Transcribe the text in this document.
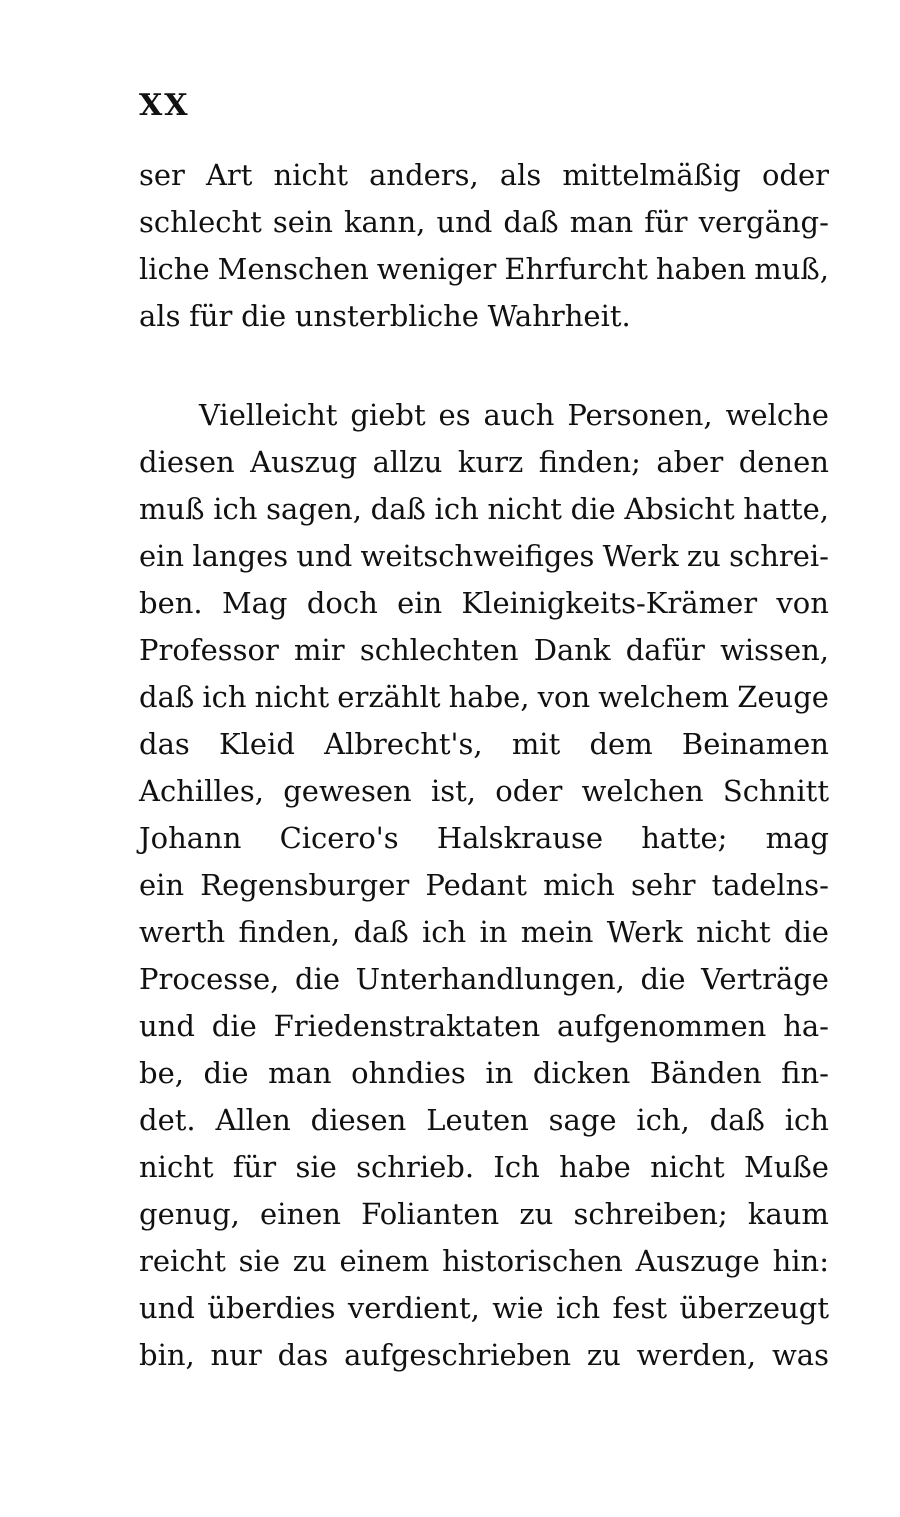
XX
ser Art nicht anders, als mittelmäßig oder
schlecht sein kann, und daß man für vergäng-
liche Menschen weniger Ehrfurcht haben muß,
als für die unsterbliche Wahrheit.
Vielleicht giebt es auch Personen, welche
diesen Auszug allzu kurz finden; aber denen
muß ich sagen, daß ich nicht die Absicht hatte,
ein langes und weitschweifiges Werk zu schrei-
ben. Mag doch ein Kleinigkeits-Krämer von
Professor mir schlechten Dank dafür wissen,
daß ich nicht erzählt habe, von welchem Zeuge
das Kleid Albrecht's, mit dem Beinamen
Achilles, gewesen ist, oder welchen Schnitt
Johann Cicero's Halskrause hatte; mag
ein Regensburger Pedant mich sehr tadelns-
werth finden, daß ich in mein Werk nicht die
Processe, die Unterhandlungen, die Verträge
und die Friedenstraktaten aufgenommen ha-
be, die man ohndies in dicken Bänden fin-
det. Allen diesen Leuten sage ich, daß ich
nicht für sie schrieb. Ich habe nicht Muße
genug, einen Folianten zu schreiben; kaum
reicht sie zu einem historischen Auszuge hin:
und überdies verdient, wie ich fest überzeugt
bin, nur das aufgeschrieben zu werden, was
